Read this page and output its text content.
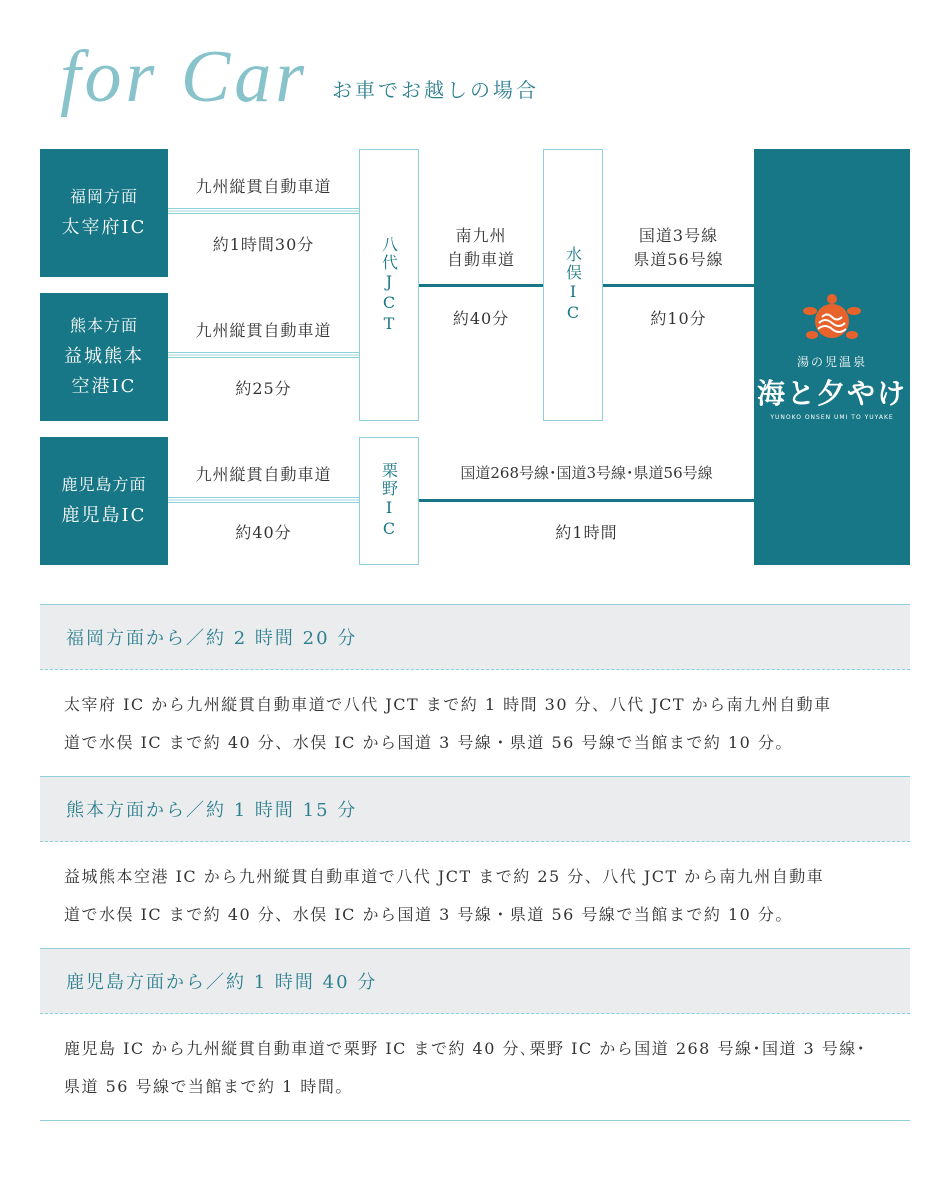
for Car お車でお越しの場合
福岡方面
太宰府IC
熊本方面
益城熊本
空港IC
鹿児島方面
鹿児島IC
九州縦貫自動車道
約1時間30分
九州縦貫自動車道
約25分
九州縦貫自動車道
約40分
八代JCT	水俣IC
栗野IC
南九州
自動車道
約40分
国道3号線
県道56号線
約10分
国道268号線･国道3号線･県道56号線
約1時間
湯の児温泉
海と夕やけ
YUNOKO ONSEN UMI TO YUYAKE
福岡方面から／約 2 時間 20 分
太宰府 IC から九州縦貫自動車道で八代 JCT まで約 1 時間 30 分、八代 JCT から南九州自動車
道で水俣 IC まで約 40 分、水俣 IC から国道 3 号線・県道 56 号線で当館まで約 10 分。
熊本方面から／約 1 時間 15 分
益城熊本空港 IC から九州縦貫自動車道で八代 JCT まで約 25 分、八代 JCT から南九州自動車
道で水俣 IC まで約 40 分、水俣 IC から国道 3 号線・県道 56 号線で当館まで約 10 分。
鹿児島方面から／約 1 時間 40 分
鹿児島 IC から九州縦貫自動車道で栗野 IC まで約 40 分､栗野 IC から国道 268 号線･国道 3 号線･
県道 56 号線で当館まで約 1 時間。
